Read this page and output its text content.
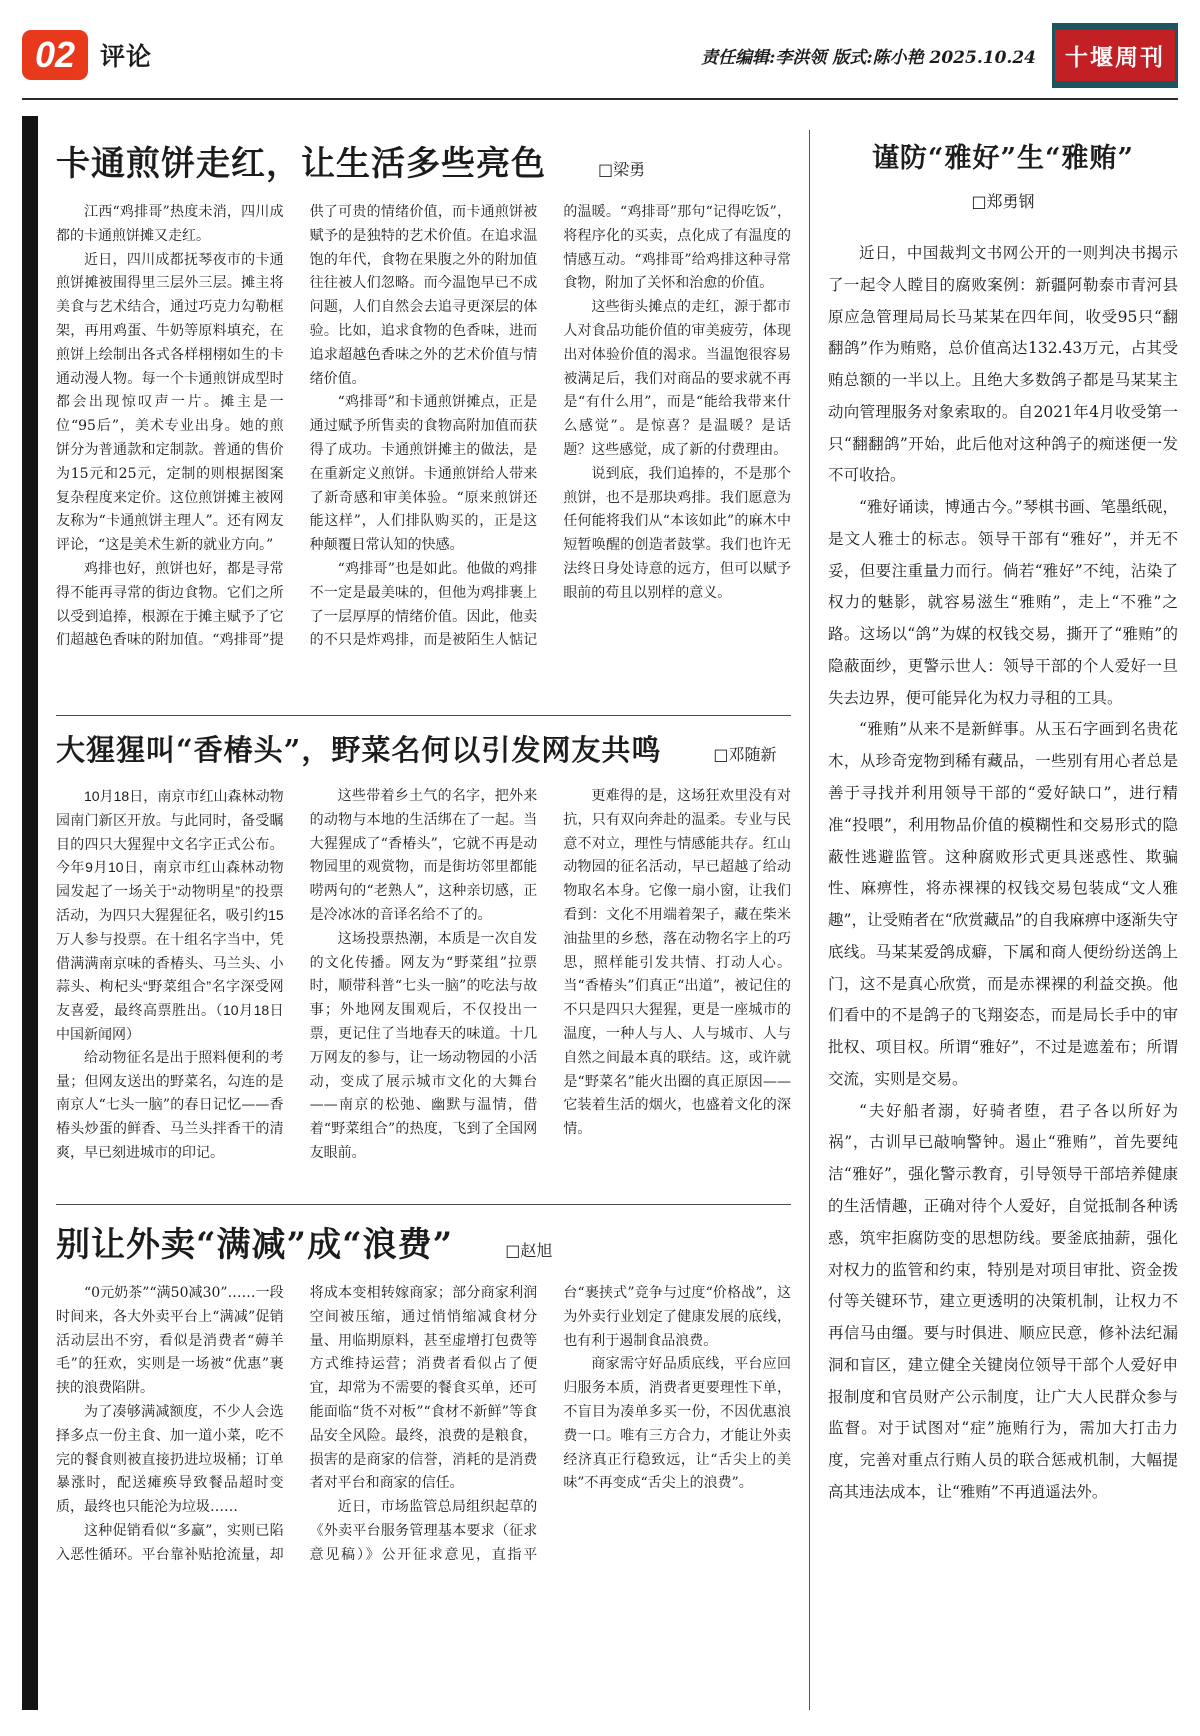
02 评论	责任编辑:李洪领 版式:陈小艳 2025.10.24	十堰周刊
卡通煎饼走红，让生活多些亮色	□梁勇

江西“鸡排哥”热度未消，四川成都的卡通煎饼摊又走红。

近日，四川成都抚琴夜市的卡通煎饼摊被围得里三层外三层。摊主将美食与艺术结合，通过巧克力勾勒框架，再用鸡蛋、牛奶等原料填充，在煎饼上绘制出各式各样栩栩如生的卡通动漫人物。每一个卡通煎饼成型时都会出现惊叹声一片。摊主是一位“95后”，美术专业出身。她的煎饼分为普通款和定制款。普通的售价为15元和25元，定制的则根据图案复杂程度来定价。这位煎饼摊主被网友称为“卡通煎饼主理人”。还有网友评论，“这是美术生新的就业方向。”

鸡排也好，煎饼也好，都是寻常得不能再寻常的街边食物。它们之所以受到追捧，根源在于摊主赋予了它们超越色香味的附加值。“鸡排哥”提供了可贵的情绪价值，而卡通煎饼被赋予的是独特的艺术价值。在追求温饱的年代，食物在果腹之外的附加值往往被人们忽略。而今温饱早已不成问题，人们自然会去追寻更深层的体验。比如，追求食物的色香味，进而追求超越色香味之外的艺术价值与情绪价值。

“鸡排哥”和卡通煎饼摊点，正是通过赋予所售卖的食物高附加值而获得了成功。卡通煎饼摊主的做法，是在重新定义煎饼。卡通煎饼给人带来了新奇感和审美体验。“原来煎饼还能这样”，人们排队购买的，正是这种颠覆日常认知的快感。

“鸡排哥”也是如此。他做的鸡排不一定是最美味的，但他为鸡排裹上了一层厚厚的情绪价值。因此，他卖的不只是炸鸡排，而是被陌生人惦记的温暖。“鸡排哥”那句“记得吃饭”，将程序化的买卖，点化成了有温度的情感互动。“鸡排哥”给鸡排这种寻常食物，附加了关怀和治愈的价值。

这些街头摊点的走红，源于都市人对食品功能价值的审美疲劳，体现出对体验价值的渴求。当温饱很容易被满足后，我们对商品的要求就不再是“有什么用”，而是“能给我带来什么感觉”。是惊喜？是温暖？是话题？这些感觉，成了新的付费理由。

说到底，我们追捧的，不是那个煎饼，也不是那块鸡排。我们愿意为任何能将我们从“本该如此”的麻木中短暂唤醒的创造者鼓掌。我们也许无法终日身处诗意的远方，但可以赋予眼前的苟且以别样的意义。

大猩猩叫“香椿头”，野菜名何以引发网友共鸣	□邓随新

10月18日，南京市红山森林动物园南门新区开放。与此同时，备受瞩目的四只大猩猩中文名字正式公布。今年9月10日，南京市红山森林动物园发起了一场关于“动物明星”的投票活动，为四只大猩猩征名，吸引约15万人参与投票。在十组名字当中，凭借满满南京味的香椿头、马兰头、小蒜头、枸杞头“野菜组合”名字深受网友喜爱，最终高票胜出。（10月18日 中国新闻网）

给动物征名是出于照料便利的考量；但网友送出的野菜名，勾连的是南京人“七头一脑”的春日记忆——香椿头炒蛋的鲜香、马兰头拌香干的清爽，早已刻进城市的印记。

这些带着乡土气的名字，把外来的动物与本地的生活绑在了一起。当大猩猩成了“香椿头”，它就不再是动物园里的观赏物，而是街坊邻里都能唠两句的“老熟人”，这种亲切感，正是冷冰冰的音译名给不了的。

这场投票热潮，本质是一次自发的文化传播。网友为“野菜组”拉票时，顺带科普“七头一脑”的吃法与故事；外地网友围观后，不仅投出一票，更记住了当地春天的味道。十几万网友的参与，让一场动物园的小活动，变成了展示城市文化的大舞台——南京的松弛、幽默与温情，借着“野菜组合”的热度，飞到了全国网友眼前。

更难得的是，这场狂欢里没有对抗，只有双向奔赴的温柔。专业与民意不对立，理性与情感能共存。红山动物园的征名活动，早已超越了给动物取名本身。它像一扇小窗，让我们看到：文化不用端着架子，藏在柴米油盐里的乡愁，落在动物名字上的巧思，照样能引发共情、打动人心。当“香椿头”们真正“出道”，被记住的不只是四只大猩猩，更是一座城市的温度，一种人与人、人与城市、人与自然之间最本真的联结。这，或许就是“野菜名”能火出圈的真正原因——它装着生活的烟火，也盛着文化的深情。

别让外卖“满减”成“浪费”	□赵旭

“0元奶茶”“满50减30”……一段时间来，各大外卖平台上“满减”促销活动层出不穷，看似是消费者“薅羊毛”的狂欢，实则是一场被“优惠”裹挟的浪费陷阱。

为了凑够满减额度，不少人会选择多点一份主食、加一道小菜，吃不完的餐食则被直接扔进垃圾桶；订单暴涨时，配送瘫痪导致餐品超时变质，最终也只能沦为垃圾……

这种促销看似“多赢”，实则已陷入恶性循环。平台靠补贴抢流量，却将成本变相转嫁商家；部分商家利润空间被压缩，通过悄悄缩减食材分量、用临期原料，甚至虚增打包费等方式维持运营；消费者看似占了便宜，却常为不需要的餐食买单，还可能面临“货不对板”“食材不新鲜”等食品安全风险。最终，浪费的是粮食，损害的是商家的信誉，消耗的是消费者对平台和商家的信任。

近日，市场监管总局组织起草的《外卖平台服务管理基本要求（征求意见稿）》公开征求意见，直指平台“裹挟式”竞争与过度“价格战”，这为外卖行业划定了健康发展的底线，也有利于遏制食品浪费。

商家需守好品质底线，平台应回归服务本质，消费者更要理性下单，不盲目为凑单多买一份，不因优惠浪费一口。唯有三方合力，才能让外卖经济真正行稳致远，让“舌尖上的美味”不再变成“舌尖上的浪费”。

谨防“雅好”生“雅贿”
□郑勇钢

近日，中国裁判文书网公开的一则判决书揭示了一起令人瞠目的腐败案例：新疆阿勒泰市青河县原应急管理局局长马某某在四年间，收受95只“翻翻鸽”作为贿赂，总价值高达132.43万元，占其受贿总额的一半以上。且绝大多数鸽子都是马某某主动向管理服务对象索取的。自2021年4月收受第一只“翻翻鸽”开始，此后他对这种鸽子的痴迷便一发不可收拾。

“雅好诵读，博通古今。”琴棋书画、笔墨纸砚，是文人雅士的标志。领导干部有“雅好”，并无不妥，但要注重量力而行。倘若“雅好”不纯，沾染了权力的魅影，就容易滋生“雅贿”，走上“不雅”之路。这场以“鸽”为媒的权钱交易，撕开了“雅贿”的隐蔽面纱，更警示世人：领导干部的个人爱好一旦失去边界，便可能异化为权力寻租的工具。

“雅贿”从来不是新鲜事。从玉石字画到名贵花木，从珍奇宠物到稀有藏品，一些别有用心者总是善于寻找并利用领导干部的“爱好缺口”，进行精准“投喂”，利用物品价值的模糊性和交易形式的隐蔽性逃避监管。这种腐败形式更具迷惑性、欺骗性、麻痹性，将赤裸裸的权钱交易包装成“文人雅趣”，让受贿者在“欣赏藏品”的自我麻痹中逐渐失守底线。马某某爱鸽成癖，下属和商人便纷纷送鸽上门，这不是真心欣赏，而是赤裸裸的利益交换。他们看中的不是鸽子的飞翔姿态，而是局长手中的审批权、项目权。所谓“雅好”，不过是遮羞布；所谓交流，实则是交易。

“夫好船者溺，好骑者堕，君子各以所好为祸”，古训早已敲响警钟。遏止“雅贿”，首先要纯洁“雅好”，强化警示教育，引导领导干部培养健康的生活情趣，正确对待个人爱好，自觉抵制各种诱惑，筑牢拒腐防变的思想防线。要釜底抽薪，强化对权力的监管和约束，特别是对项目审批、资金拨付等关键环节，建立更透明的决策机制，让权力不再信马由缰。要与时俱进、顺应民意，修补法纪漏洞和盲区，建立健全关键岗位领导干部个人爱好申报制度和官员财产公示制度，让广大人民群众参与监督。对于试图对“症”施贿行为，需加大打击力度，完善对重点行贿人员的联合惩戒机制，大幅提高其违法成本，让“雅贿”不再逍遥法外。
